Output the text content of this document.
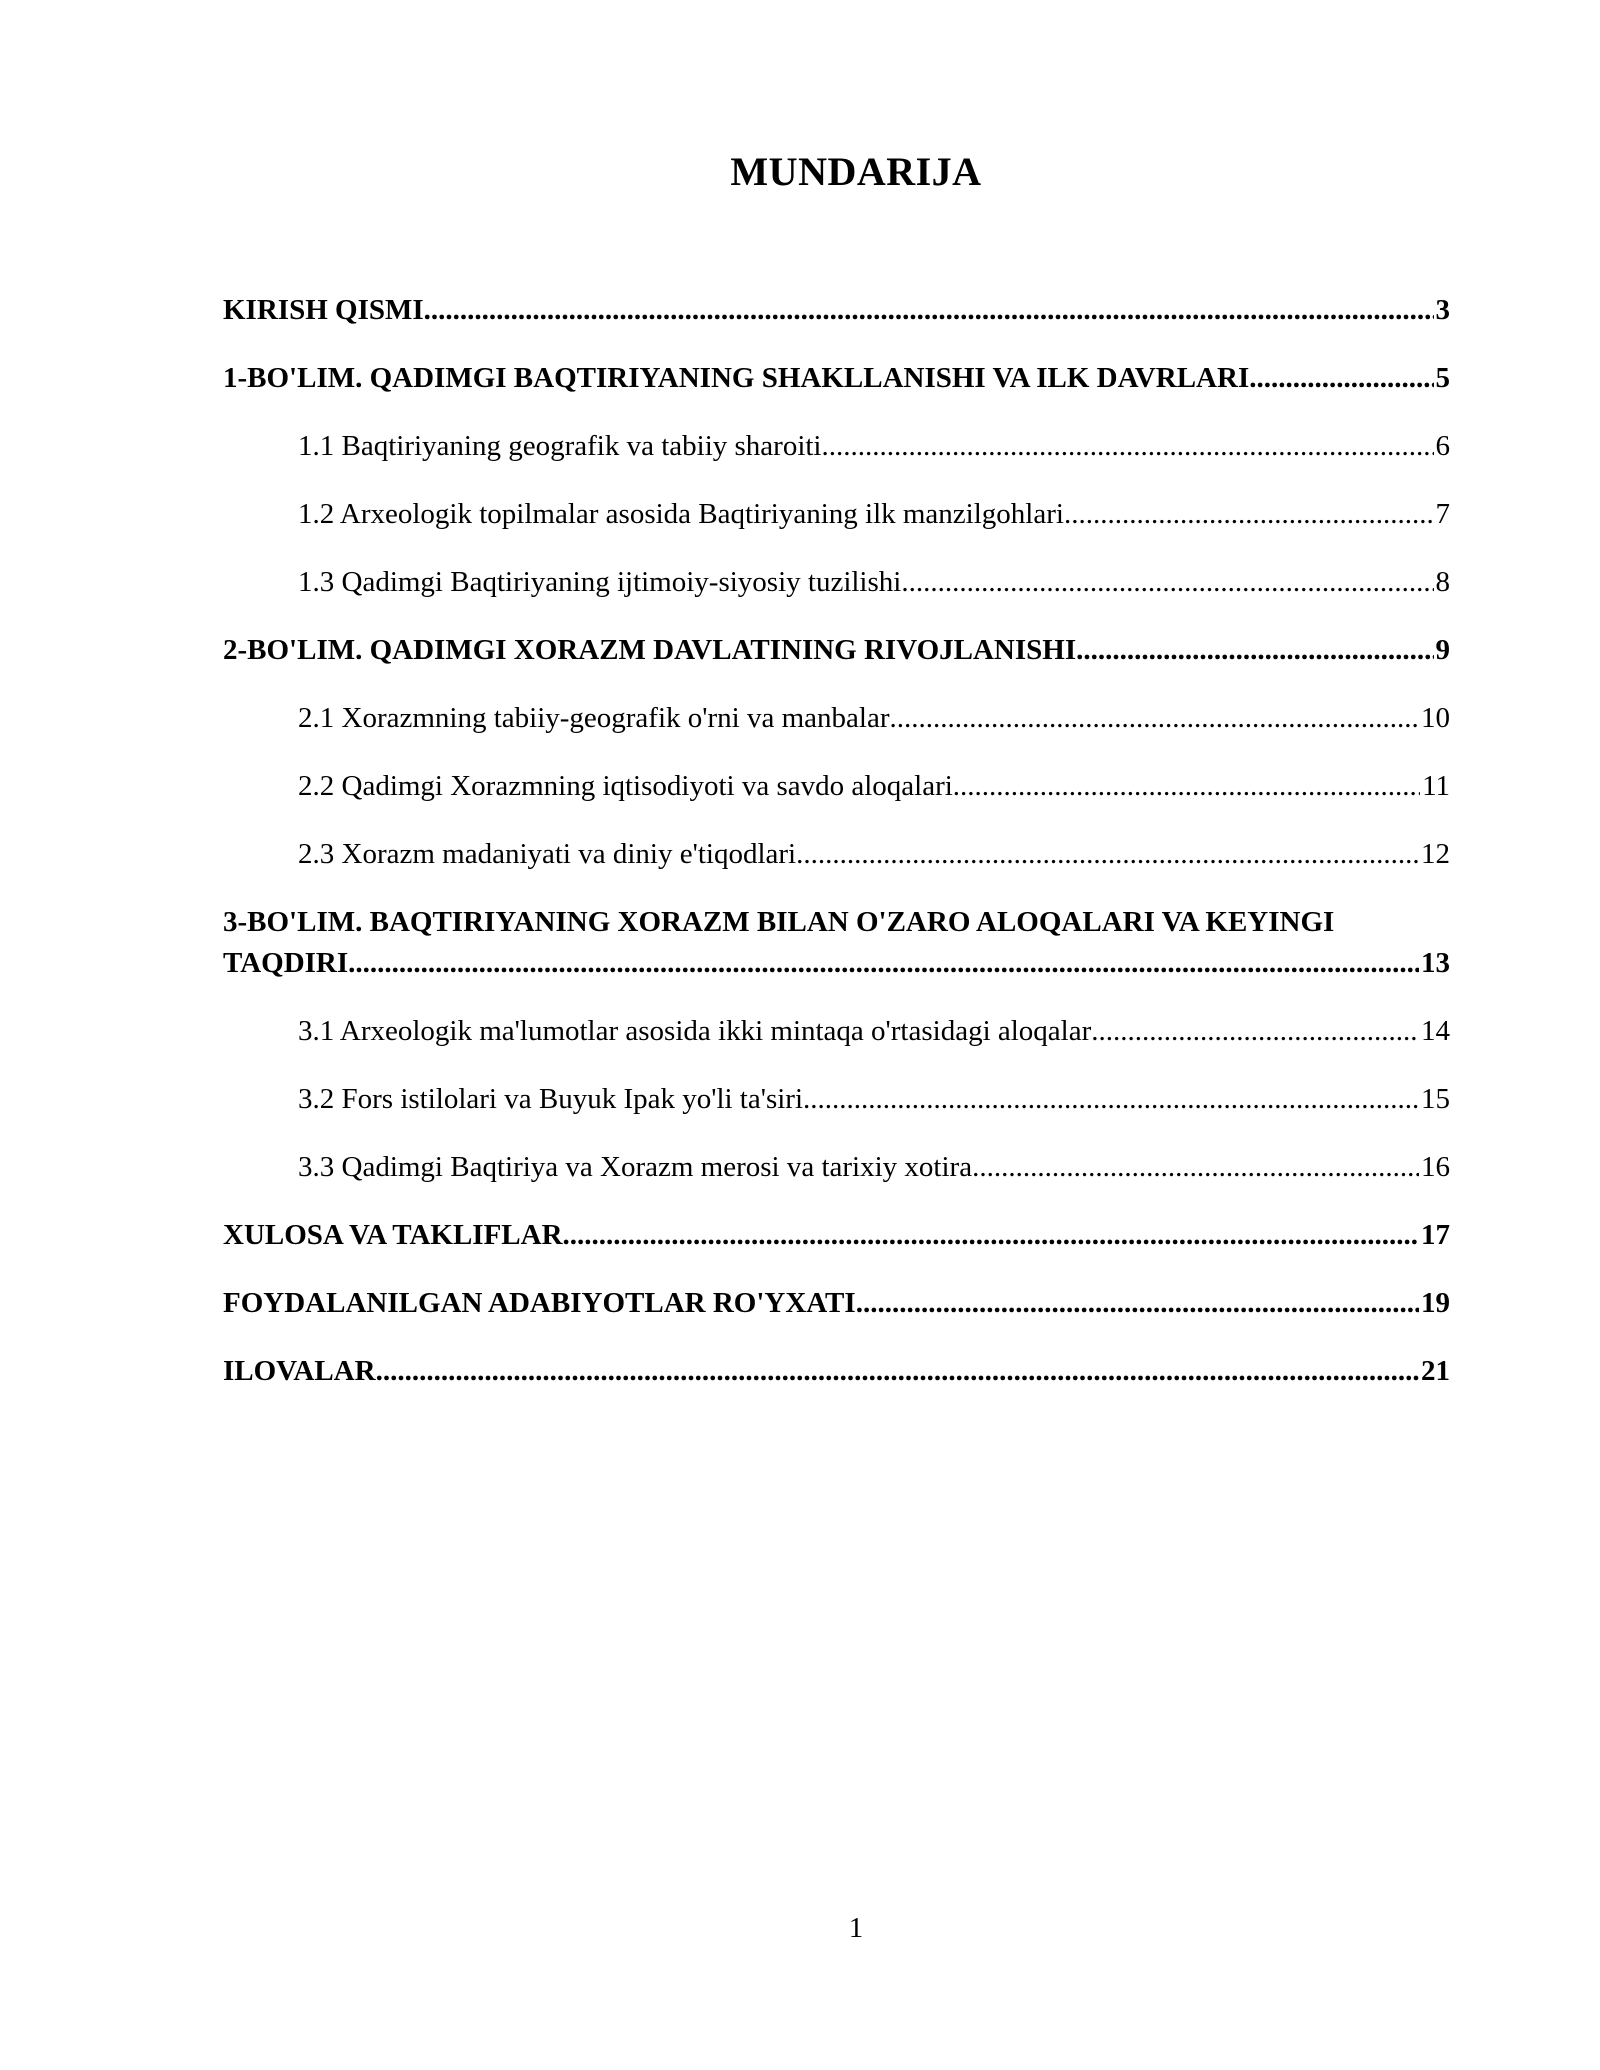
MUNDARIJA
KIRISH QISMI .....	3
1-BO'LIM. QADIMGI BAQTIRIYANING SHAKLLANISHI VA ILK DAVRLARI .....	5
1.1 Baqtiriyaning geografik va tabiiy sharoiti .....	6
1.2 Arxeologik topilmalar asosida Baqtiriyaning ilk manzilgohlari .....	7
1.3 Qadimgi Baqtiriyaning ijtimoiy-siyosiy tuzilishi .....	8
2-BO'LIM. QADIMGI XORAZM DAVLATINING RIVOJLANISHI .....	9
2.1 Xorazmning tabiiy-geografik o'rni va manbalar .....	10
2.2 Qadimgi Xorazmning iqtisodiyoti va savdo aloqalari .....	11
2.3 Xorazm madaniyati va diniy e'tiqodlari .....	12
3-BO'LIM. BAQTIRIYANING XORAZM BILAN O'ZARO ALOQALARI VA KEYINGI
TAQDIRI .....	13
3.1 Arxeologik ma'lumotlar asosida ikki mintaqa o'rtasidagi aloqalar .....	14
3.2 Fors istilolari va Buyuk Ipak yo'li ta'siri .....	15
3.3 Qadimgi Baqtiriya va Xorazm merosi va tarixiy xotira .....	16
XULOSA VA TAKLIFLAR .....	17
FOYDALANILGAN ADABIYOTLAR RO'YXATI .....	19
ILOVALAR .....	21
1
